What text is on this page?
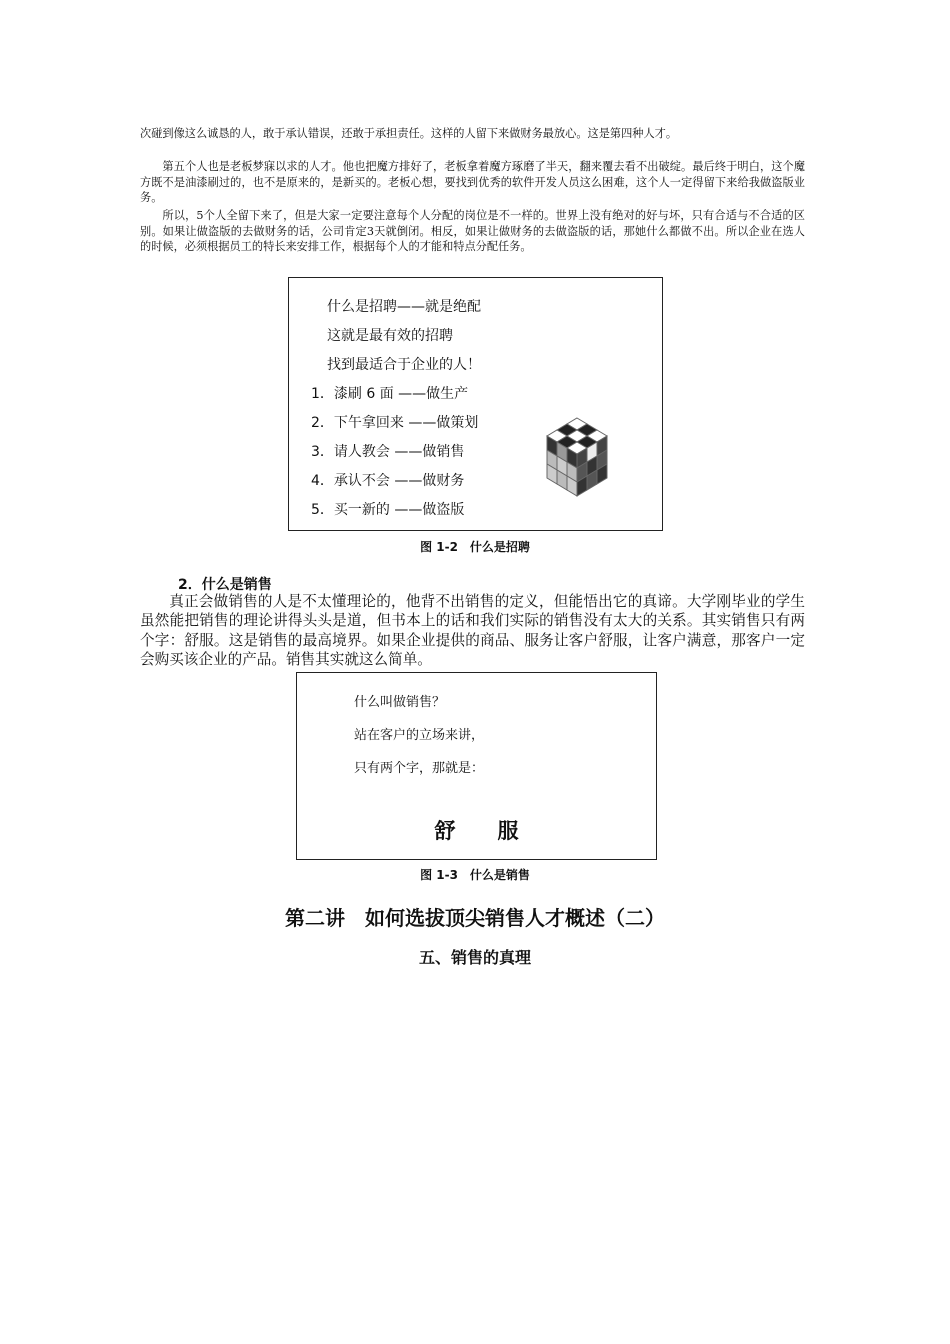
次碰到像这么诚恳的人，敢于承认错误，还敢于承担责任。这样的人留下来做财务最放心。这是第四种人才。

第五个人也是老板梦寐以求的人才。他也把魔方排好了，老板拿着魔方琢磨了半天，翻来覆去看不出破绽。最后终于明白，这个魔方既不是油漆刷过的，也不是原来的，是新买的。老板心想，要找到优秀的软件开发人员这么困难，这个人一定得留下来给我做盗版业务。

所以，5个人全留下来了，但是大家一定要注意每个人分配的岗位是不一样的。世界上没有绝对的好与坏，只有合适与不合适的区别。如果让做盗版的去做财务的话，公司肯定3天就倒闭。相反，如果让做财务的去做盗版的话，那她什么都做不出。所以企业在选人的时候，必须根据员工的特长来安排工作，根据每个人的才能和特点分配任务。

什么是招聘——就是绝配
这就是最有效的招聘
找到最适合于企业的人！
1．漆刷 6 面 ——做生产
2．下午拿回来 ——做策划
3．请人教会 ——做销售
4．承认不会 ——做财务
5．买一新的 ——做盗版

图 1-2　什么是招聘

2．什么是销售

真正会做销售的人是不太懂理论的，他背不出销售的定义，但能悟出它的真谛。大学刚毕业的学生虽然能把销售的理论讲得头头是道，但书本上的话和我们实际的销售没有太大的关系。其实销售只有两个字：舒服。这是销售的最高境界。如果企业提供的商品、服务让客户舒服，让客户满意，那客户一定会购买该企业的产品。销售其实就这么简单。

什么叫做销售？
站在客户的立场来讲，
只有两个字，那就是：
舒服

图 1-3　什么是销售

第二讲　如何选拔顶尖销售人才概述（二）
五、销售的真理
